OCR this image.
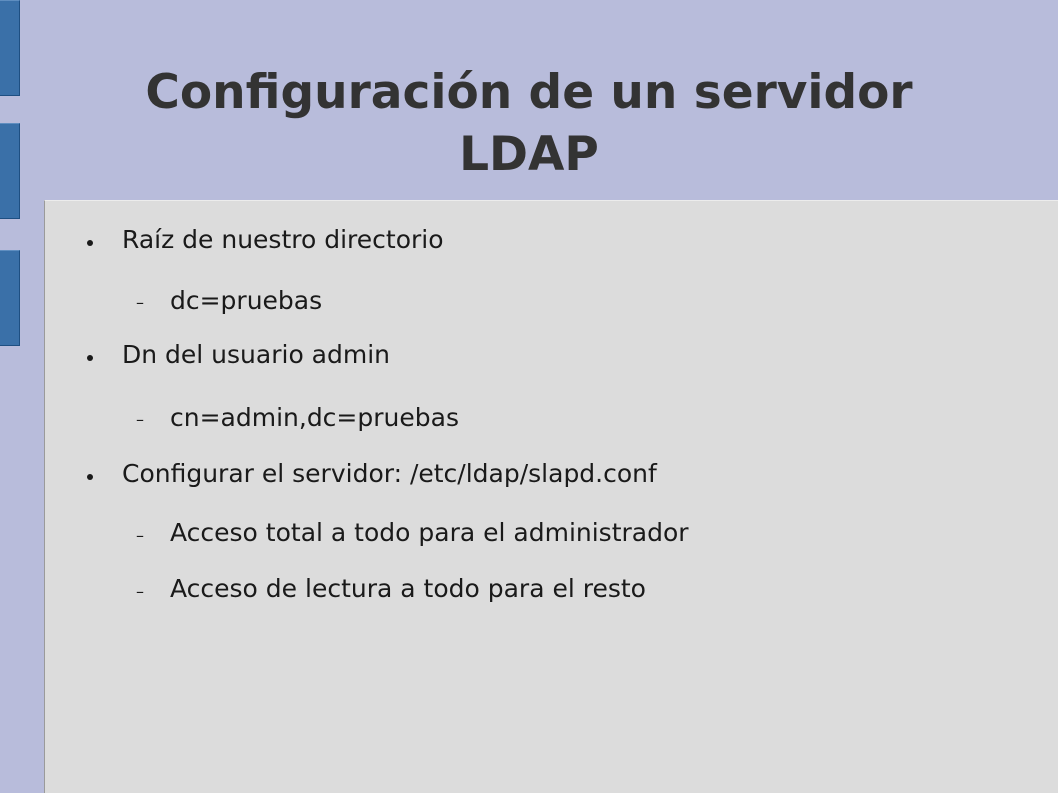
Configuración de un servidor
LDAP
Raíz de nuestro directorio
– dc=pruebas
Dn del usuario admin
– cn=admin,dc=pruebas
Configurar el servidor: /etc/ldap/slapd.conf
– Acceso total a todo para el administrador
– Acceso de lectura a todo para el resto
